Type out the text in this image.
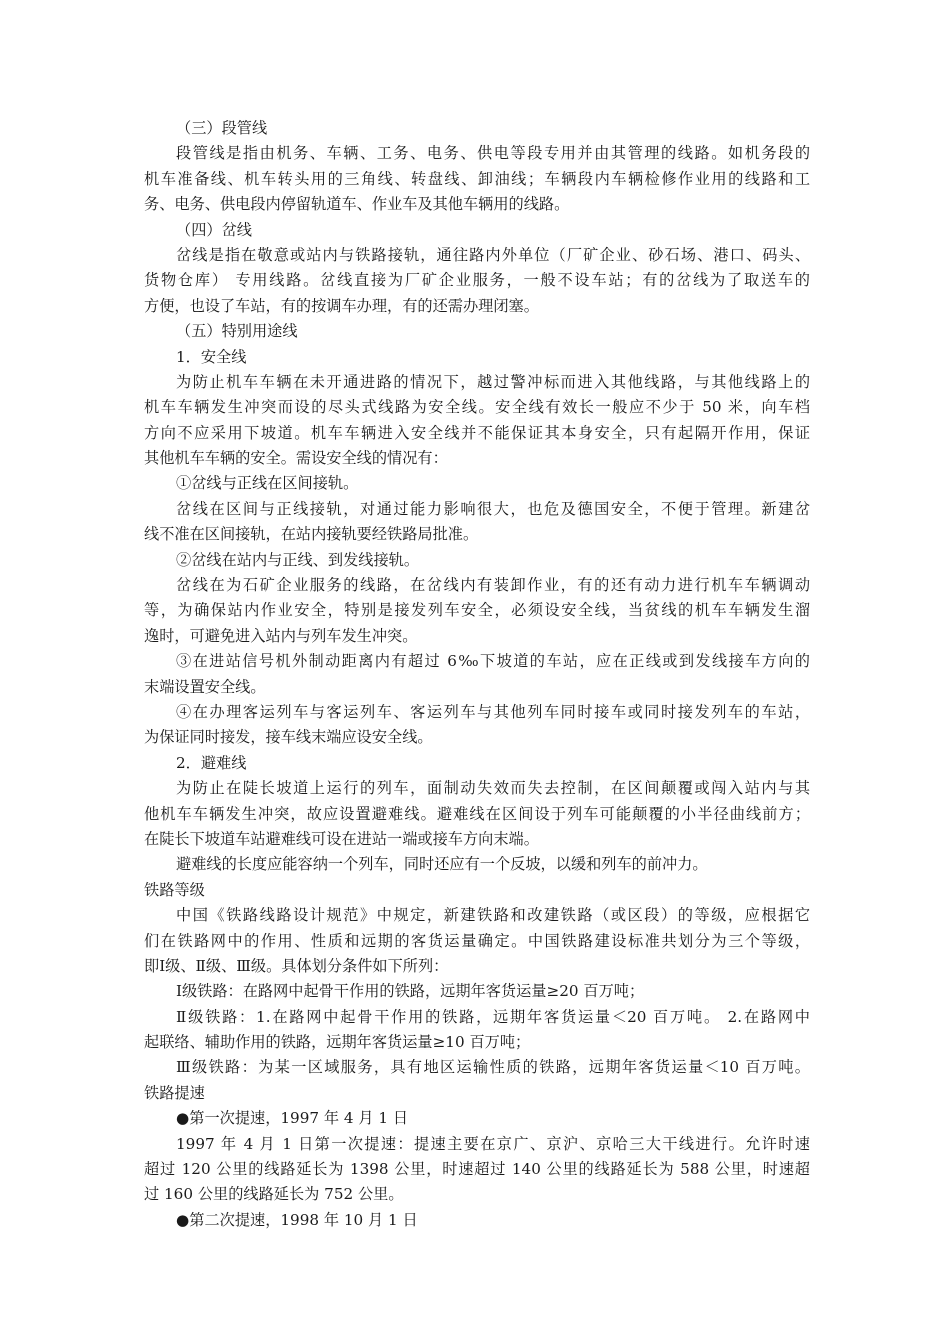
（三）段管线
段管线是指由机务、车辆、工务、电务、供电等段专用并由其管理的线路。如机务段的
机车准备线、机车转头用的三角线、转盘线、卸油线；车辆段内车辆检修作业用的线路和工
务、电务、供电段内停留轨道车、作业车及其他车辆用的线路。
（四）岔线
岔线是指在敬意或站内与铁路接轨，通往路内外单位（厂矿企业、砂石场、港口、码头、
货物仓库） 专用线路。岔线直接为厂矿企业服务，一般不设车站；有的岔线为了取送车的
方便，也设了车站，有的按调车办理，有的还需办理闭塞。
（五）特别用途线
1．安全线
为防止机车车辆在未开通进路的情况下，越过警冲标而进入其他线路，与其他线路上的
机车车辆发生冲突而设的尽头式线路为安全线。安全线有效长一般应不少于 50 米，向车档
方向不应采用下坡道。机车车辆进入安全线并不能保证其本身安全，只有起隔开作用，保证
其他机车车辆的安全。需设安全线的情况有：
①岔线与正线在区间接轨。
岔线在区间与正线接轨，对通过能力影响很大，也危及德国安全，不便于管理。新建岔
线不准在区间接轨，在站内接轨要经铁路局批准。
②岔线在站内与正线、到发线接轨。
岔线在为石矿企业服务的线路，在岔线内有装卸作业，有的还有动力进行机车车辆调动
等，为确保站内作业安全，特别是接发列车安全，必须设安全线，当贫线的机车车辆发生溜
逸时，可避免进入站内与列车发生冲突。
③在进站信号机外制动距离内有超过 6‰下坡道的车站，应在正线或到发线接车方向的
末端设置安全线。
④在办理客运列车与客运列车、客运列车与其他列车同时接车或同时接发列车的车站，
为保证同时接发，接车线末端应设安全线。
2．避难线
为防止在陡长坡道上运行的列车，面制动失效而失去控制，在区间颠覆或闯入站内与其
他机车车辆发生冲突，故应设置避难线。避难线在区间设于列车可能颠覆的小半径曲线前方；
在陡长下坡道车站避难线可设在进站一端或接车方向末端。
避难线的长度应能容纳一个列车，同时还应有一个反坡，以缓和列车的前冲力。
铁路等级
中国《铁路线路设计规范》中规定，新建铁路和改建铁路（或区段）的等级，应根据它
们在铁路网中的作用、性质和远期的客货运量确定。中国铁路建设标准共划分为三个等级，
即Ⅰ级、Ⅱ级、Ⅲ级。具体划分条件如下所列：
Ⅰ级铁路：在路网中起骨干作用的铁路，远期年客货运量≥20 百万吨；
Ⅱ级铁路：1.在路网中起骨干作用的铁路，远期年客货运量＜20 百万吨。 2.在路网中
起联络、辅助作用的铁路，远期年客货运量≥10 百万吨；
Ⅲ级铁路：为某一区域服务，具有地区运输性质的铁路，远期年客货运量＜10 百万吨。
铁路提速
●第一次提速，1997 年 4 月 1 日
1997 年 4 月 1 日第一次提速：提速主要在京广、京沪、京哈三大干线进行。允许时速
超过 120 公里的线路延长为 1398 公里，时速超过 140 公里的线路延长为 588 公里，时速超
过 160 公里的线路延长为 752 公里。
●第二次提速，1998 年 10 月 1 日
